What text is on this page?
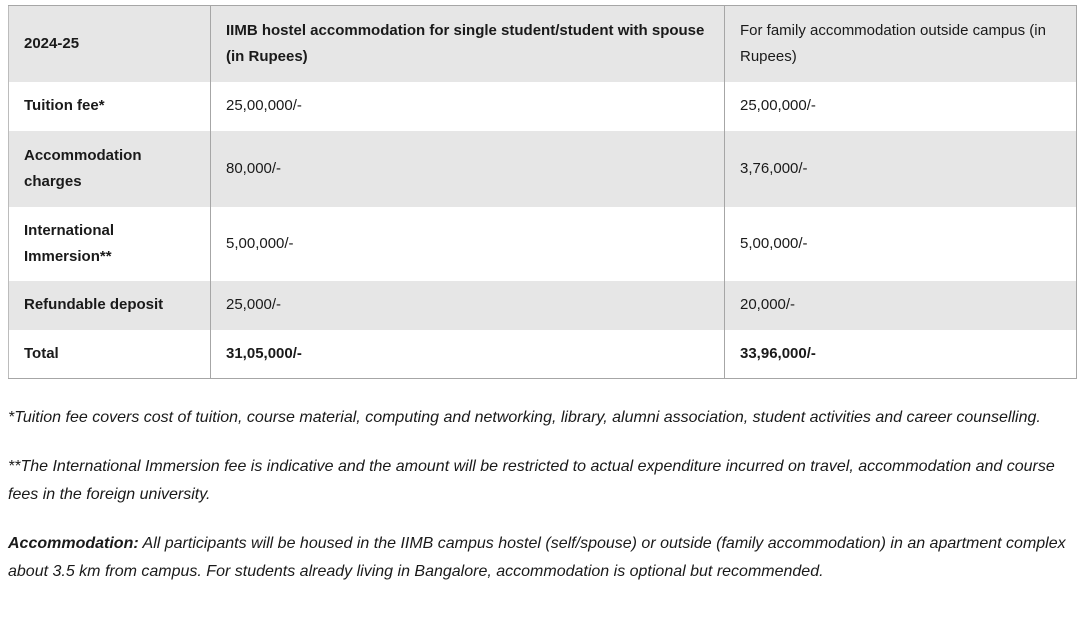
2024-25	IIMB hostel accommodation for single student/student with spouse (in Rupees)	For family accommodation outside campus (in Rupees)
Tuition fee*	25,00,000/-	25,00,000/-
Accommodation charges	80,000/-	3,76,000/-
International Immersion**	5,00,000/-	5,00,000/-
Refundable deposit	25,000/-	20,000/-
Total	31,05,000/-	33,96,000/-

*Tuition fee covers cost of tuition, course material, computing and networking, library, alumni association, student activities and career counselling.

**The International Immersion fee is indicative and the amount will be restricted to actual expenditure incurred on travel, accommodation and course fees in the foreign university.

Accommodation: All participants will be housed in the IIMB campus hostel (self/spouse) or outside (family accommodation) in an apartment complex about 3.5 km from campus. For students already living in Bangalore, accommodation is optional but recommended.
